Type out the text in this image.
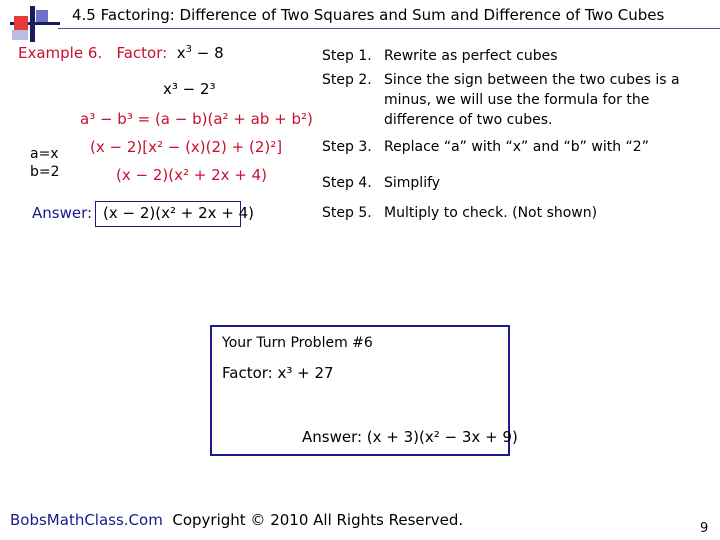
4.5 Factoring: Difference of Two Squares and Sum and Difference of Two Cubes
Example 6. Factor: $x^3 - 8$
x³ − 2³
a³ − b³ = (a − b)(a² + ab + b²)
(x − 2)[x² − (x)(2) + (2)²]
(x − 2)(x² + 2x + 4)
a=x
b=2
Answer: (x − 2)(x² + 2x + 4)
Step 1. Rewrite as perfect cubes
Step 2. Since the sign between the two cubes is a minus, we will use the formula for the difference of two cubes.
Step 3. Replace “a” with “x” and “b” with “2”
Step 4. Simplify
Step 5. Multiply to check. (Not shown)
Your Turn Problem #6
Factor: x³ + 27
Answer: (x + 3)(x² − 3x + 9)
BobsMathClass.Com Copyright © 2010 All Rights Reserved.	9
